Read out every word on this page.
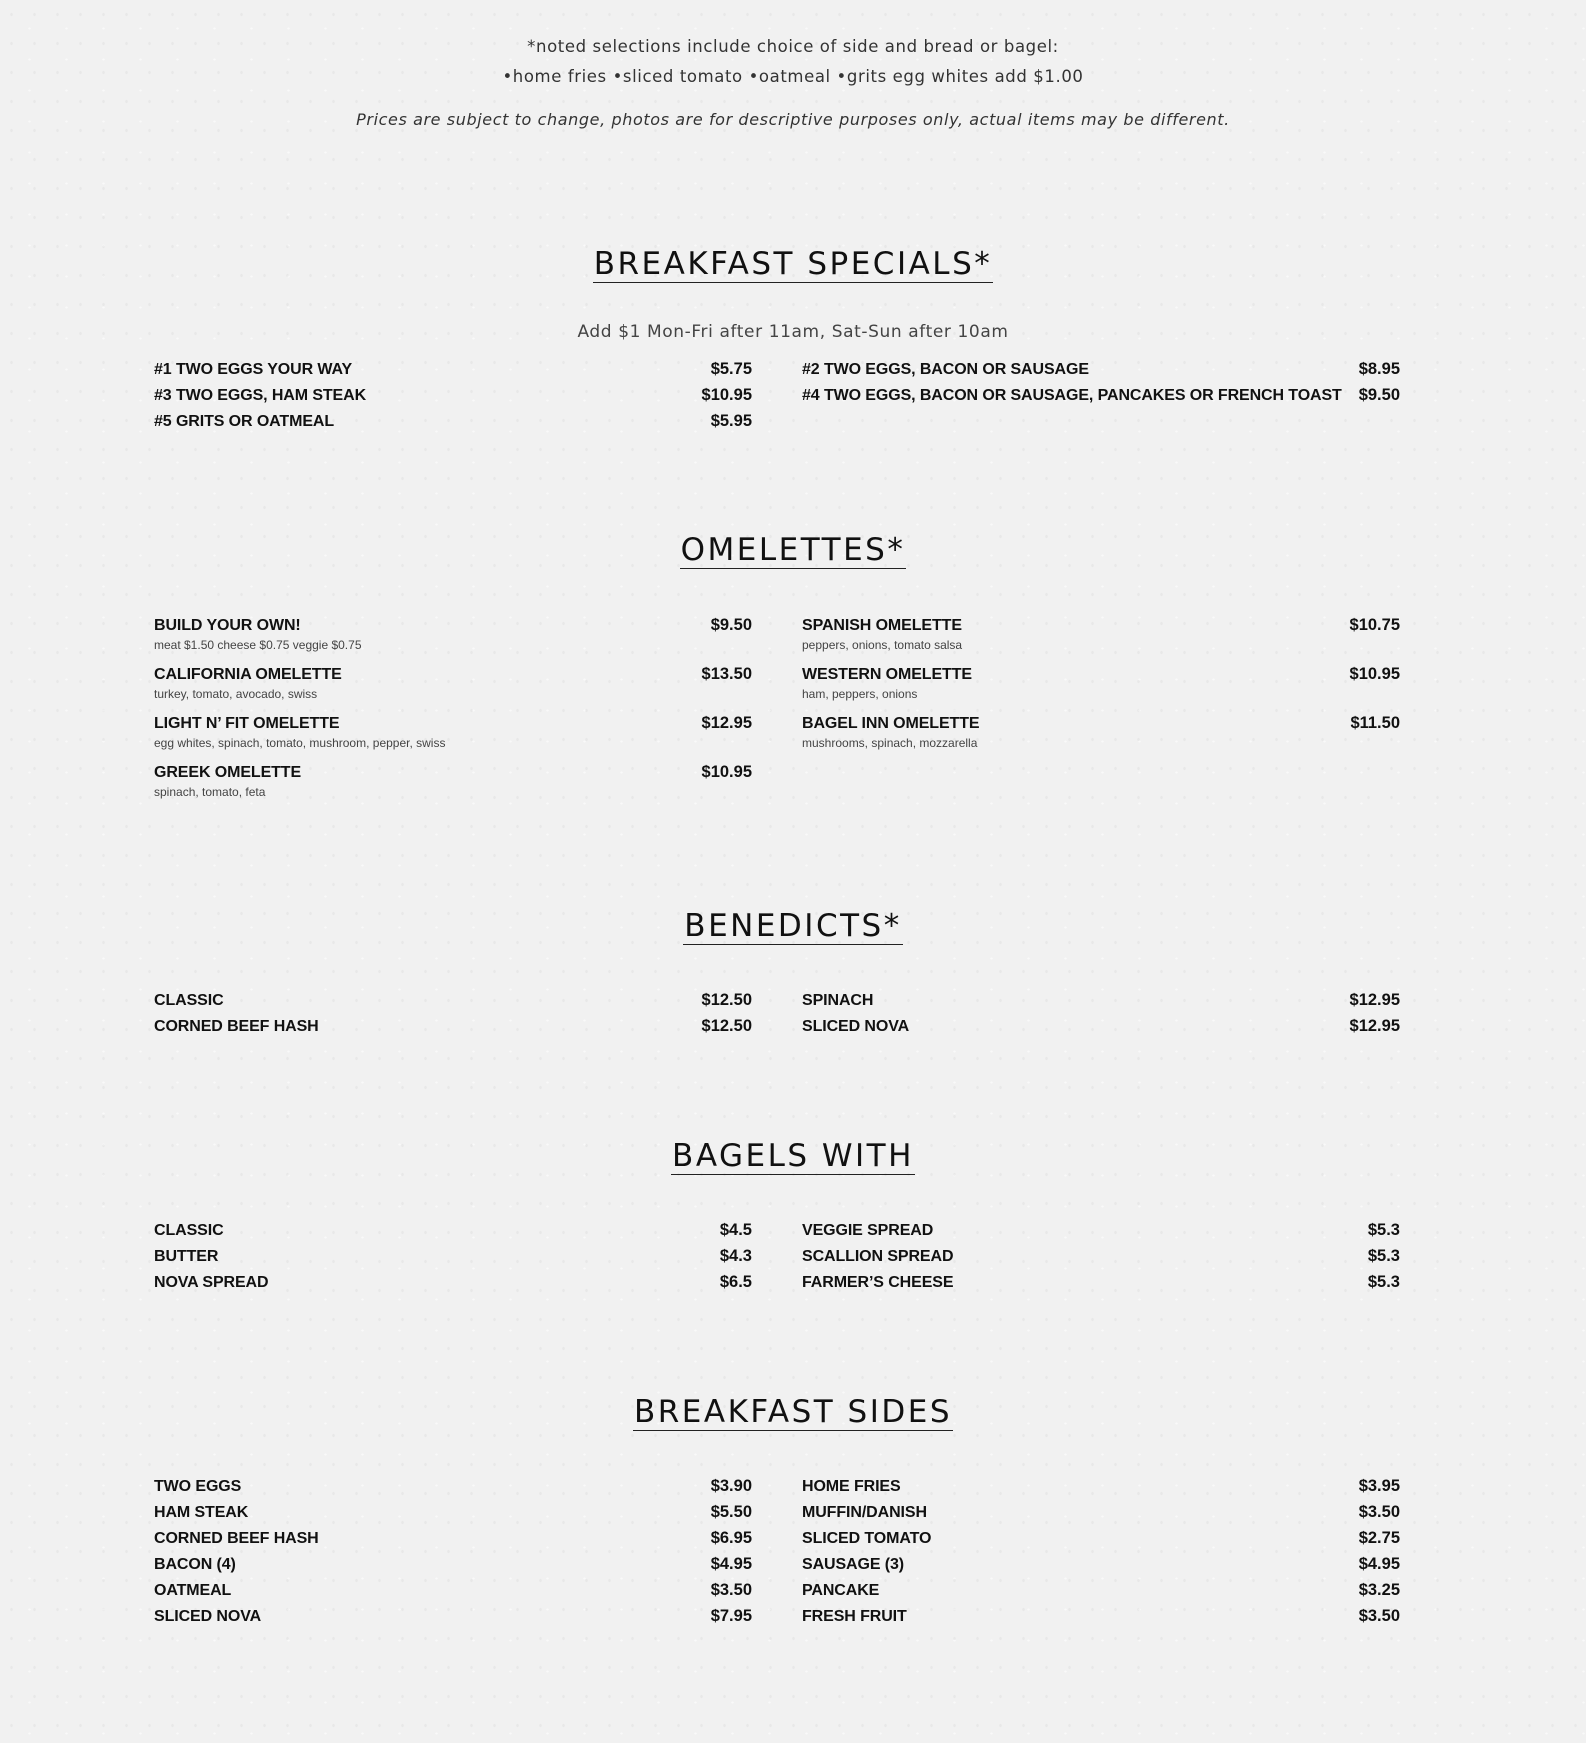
*noted selections include choice of side and bread or bagel:
•home fries •sliced tomato •oatmeal •grits egg whites add $1.00
Prices are subject to change, photos are for descriptive purposes only, actual items may be different.
BREAKFAST SPECIALS*
Add $1 Mon-Fri after 11am, Sat-Sun after 10am
#1 TWO EGGS YOUR WAY	$5.75
#3 TWO EGGS, HAM STEAK	$10.95
#5 GRITS OR OATMEAL	$5.95
#2 TWO EGGS, BACON OR SAUSAGE	$8.95
#4 TWO EGGS, BACON OR SAUSAGE, PANCAKES OR FRENCH TOAST $9.50
OMELETTES*
BUILD YOUR OWN!	$9.50
meat $1.50 cheese $0.75 veggie $0.75
CALIFORNIA OMELETTE	$13.50
turkey, tomato, avocado, swiss
LIGHT N’ FIT OMELETTE	$12.95
egg whites, spinach, tomato, mushroom, pepper, swiss
GREEK OMELETTE	$10.95
spinach, tomato, feta
SPANISH OMELETTE	$10.75
peppers, onions, tomato salsa
WESTERN OMELETTE	$10.95
ham, peppers, onions
BAGEL INN OMELETTE	$11.50
mushrooms, spinach, mozzarella
BENEDICTS*
CLASSIC	$12.50
CORNED BEEF HASH	$12.50
SPINACH	$12.95
SLICED NOVA	$12.95
BAGELS WITH
CLASSIC	$4.5
BUTTER	$4.3
NOVA SPREAD	$6.5
VEGGIE SPREAD	$5.3
SCALLION SPREAD	$5.3
FARMER’S CHEESE	$5.3
BREAKFAST SIDES
TWO EGGS	$3.90
HAM STEAK	$5.50
CORNED BEEF HASH	$6.95
BACON (4)	$4.95
OATMEAL	$3.50
SLICED NOVA	$7.95
HOME FRIES	$3.95
MUFFIN/DANISH	$3.50
SLICED TOMATO	$2.75
SAUSAGE (3)	$4.95
PANCAKE	$3.25
FRESH FRUIT	$3.50
